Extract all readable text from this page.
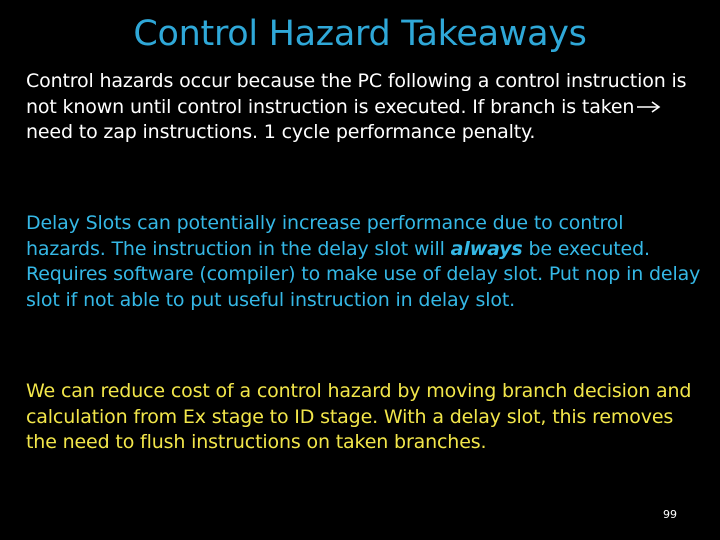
Control Hazard Takeaways

Control hazards occur because the PC following a control instruction is not known until control instruction is executed. If branch is takenneed to zap instructions. 1 cycle performance penalty.

Delay Slots can potentially increase performance due to control hazards. The instruction in the delay slot will always be executed. Requires software (compiler) to make use of delay slot. Put nop in delay slot if not able to put useful instruction in delay slot.

We can reduce cost of a control hazard by moving branch decision and calculation from Ex stage to ID stage. With a delay slot, this removes the need to flush instructions on taken branches.

99
